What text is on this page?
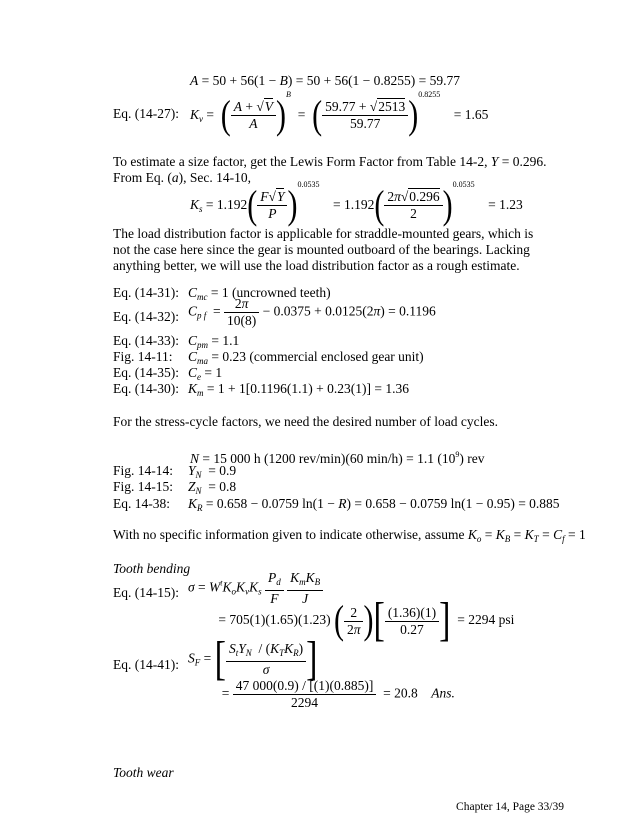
A = 50 + 56(1 − B) = 50 + 56(1 − 0.8255) = 59.77
Eq. (14-27): $K_v$ =  ( $\frac{A + √V}{A} )^B$  =  ( $\frac{59.77 + √2513}{59.77} )^{0.8255}$    = 1.65
To estimate a size factor, get the Lewis Form Factor from Table 14-2, Y = 0.296.
From Eq. (a), Sec. 14-10,
$K_s = 1.192( \frac{F√Y}{P} )^{0.0535}$    = $1.192( \frac{2\pi√0.296}{2} )^{0.0535}$    = 1.23
The load distribution factor is applicable for straddle-mounted gears, which is not the case here since the gear is mounted outboard of the bearings. Lacking anything better, we will use the load distribution factor as a rough estimate.
Eq. (14-31): $C_{mc} = 1$ (uncrowned teeth)
Eq. (14-32): $C_{p f} = \frac{2\pi}{10(8)} - 0.0375 + 0.0125(2\pi) = 0.1196$
Eq. (14-33): $C_{pm} = 1.1$
Fig. 14-11: $C_{ma} = 0.23$ (commercial enclosed gear unit)
Eq. (14-35): $C_e = 1$
Eq. (14-30): $K_m = 1 + 1[0.1196(1.1) + 0.23(1)] = 1.36$
For the stress-cycle factors, we need the desired number of load cycles.
N = 15 000 h (1200 rev/min)(60 min/h) = 1.1 $(10^9)$ rev
Fig. 14-14: $Y_N = 0.9$
Fig. 14-15: $Z_N = 0.8$
Eq. 14-38: $K_R = 0.658 - 0.0759$ ln(1 − R) = 0.658 − 0.0759 ln(1 − 0.95) = 0.885
With no specific information given to indicate otherwise, assume $K_o = K_B = K_T = C_f = 1$
Tooth bending
Eq. (14-15): $\sigma = W^tK_oK_vK_s \frac{P_d}{F}$
$\frac{K_mK_B}{J}$
= 705(1)(1.65)(1.23) ( $\frac{2}{2\pi}$ )[ $\frac{(1.36)(1)}{0.27}$ ] = 2294 psi
Eq. (14-41): $S_F$ = [ $\frac{S_tY_N / (K_TK_R)}{\sigma}$ ]
= $\frac{47 000(0.9) / [(1)(0.885)]}{2294} = 20.8$ Ans.
Tooth wear
Chapter 14, Page 33/39
